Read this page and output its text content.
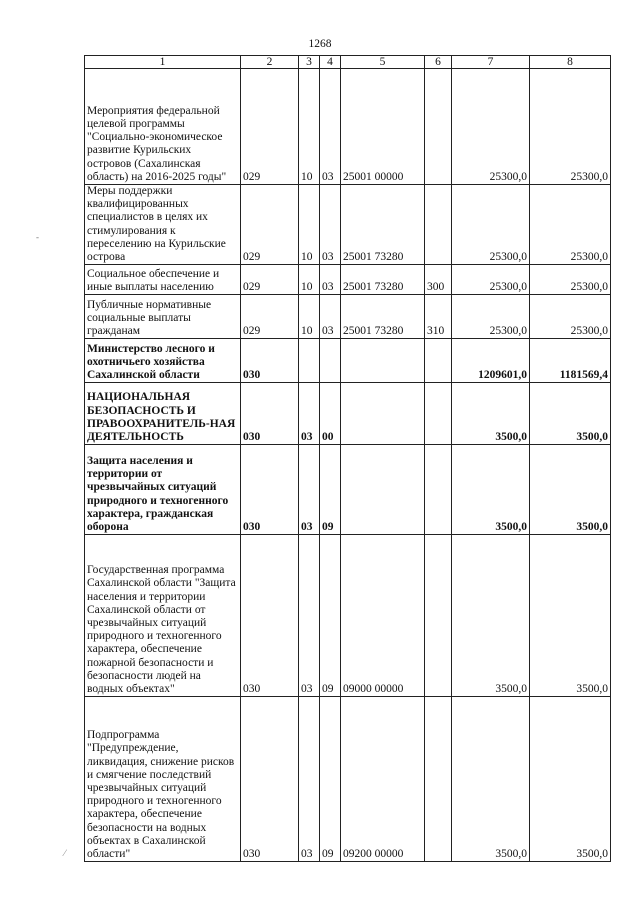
1268
1	2	3	4	5	6	7	8
Мероприятия федеральной целевой программы "Социально-экономическое развитие Курильских островов (Сахалинская область) на 2016-2025 годы"	029	10	03	25001 00000		25300,0	25300,0
Меры поддержки квалифицированных специалистов в целях их стимулирования к переселению на Курильские острова	029	10	03	25001 73280		25300,0	25300,0
Социальное обеспечение и иные выплаты населению	029	10	03	25001 73280	300	25300,0	25300,0
Публичные нормативные социальные выплаты гражданам	029	10	03	25001 73280	310	25300,0	25300,0
Министерство лесного и охотничьего хозяйства Сахалинской области	030					1209601,0	1181569,4
НАЦИОНАЛЬНАЯ БЕЗОПАСНОСТЬ И ПРАВООХРАНИТЕЛЬ-НАЯ ДЕЯТЕЛЬНОСТЬ	030	03	00			3500,0	3500,0
Защита населения и территории от чрезвычайных ситуаций природного и техногенного характера, гражданская оборона	030	03	09			3500,0	3500,0
Государственная программа Сахалинской области "Защита населения и территории Сахалинской области от чрезвычайных ситуаций природного и техногенного характера, обеспечение пожарной безопасности и безопасности людей на водных объектах"	030	03	09	09000 00000		3500,0	3500,0
Подпрограмма "Предупреждение, ликвидация, снижение рисков и смягчение последствий чрезвычайных ситуаций природного и техногенного характера, обеспечение безопасности на водных объектах в Сахалинской области"	030	03	09	09200 00000		3500,0	3500,0
-
⁄
